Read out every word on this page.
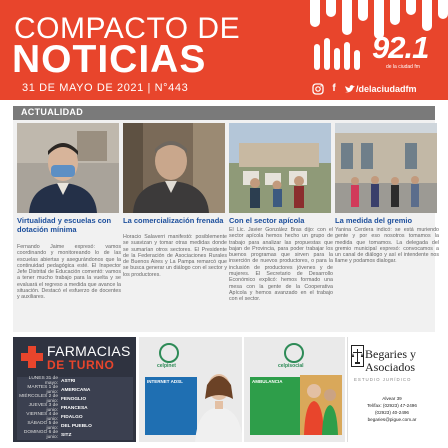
COMPACTO DE
NOTICIAS
31 DE MAYO DE 2021 | N°443
92.1
de la ciudad fm
f	/delaciudadfm
ACTUALIDAD
Virtualidad y escuelas con dotación mínima
La comercialización frenada Con el sector apícola	La medida del gremio
Fernando Jaime expresó: vamos coordinando y monitoreando lo de las escuelas abiertas y asegurándonos que la continuidad pedagógica esté. El Inspector Jefe Distrital de Educación comentó: vamos a tener mucho trabajo para la vuelta y se evaluará el regreso a medida que avance la situación. Destacó el esfuerzo de docentes y auxiliares.
Horacio Salaverri manifestó: posiblemente se suavizan y tomar otras medidas donde se sumarían otros sectores. El Presidente de la Federación de Asociaciones Rurales de Buenos Aires y La Pampa remarcó que se busca generar un diálogo con el sector y los productores.
El Lic. Javier González Bras dijo: con el sector apícola hemos hecho un grupo de trabajo para analizar las propuestas que bajan de Provincia, para poder trabajar los buenos programas que sirven para la inserción de nuevos productores, o para la inclusión de productores jóvenes y de mujeres. El Secretario de Desarrollo Económico explicó: hemos formado una mesa con la gente de la Cooperativa Apícola y hemos avanzado en el trabajo con el sector.
Yanina Cerdera indicó: se está muriendo gente y por eso nosotros tomamos la medida que tomamos. La delegada del gremio municipal expresó: convocamos a un canal de diálogo y así el intendente nos llame y podamos dialogar.
FARMACIAS
DE TURNO
LUNES 31 de mayo: ASTRI
MARTES 1 de junio: AMERICANA
MIÉRCOLES 2 de junio: FENOGLIO
JUEVES 3 de junio: FRANCESA
VIERNES 4 de junio: FIDALGO
SÁBADO 5 de junio: DEL PUEBLO
DOMINGO 6 de junio: SITZ
celpinet
INTERNET ADSL
celpisocial
AMBULANCIA
Begaries y
Asociados
ESTUDIO JURÍDICO
Alvear 39
Tel/fax: (02923) 47-2496
(02923) 40-2496
begaries@pigue.com.ar
